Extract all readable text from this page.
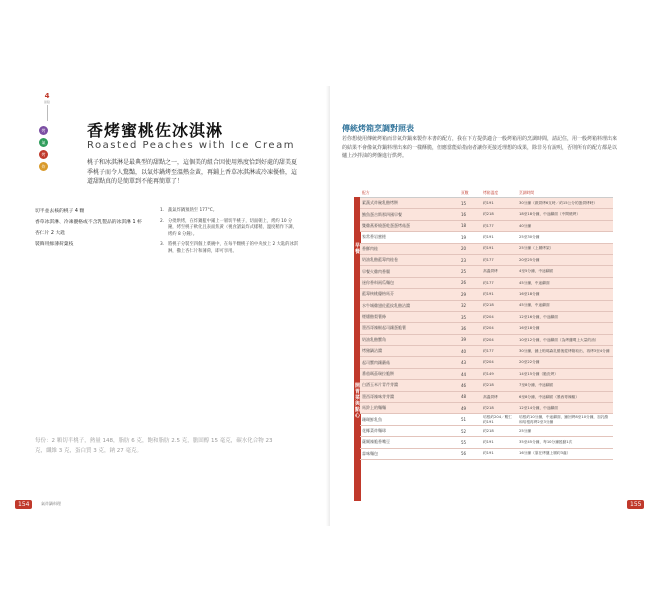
4
甜點
烤
氣
烤
炸
香烤蜜桃佐冰淇淋
Roasted Peaches with Ice Cream
桃子和冰淇淋是最典型的甜點之一，這個美的組合因使用熟度恰到好處的甜美夏季桃子而令人驚豔，以氣炸鍋烤至溫熱金黃，再鋪上香草冰淇淋或冷凍優格，這道甜點真的是簡單到不能再簡單了！
切半並去核的桃子 4 顆
香草冰淇淋、冷凍優格或不含乳製品的冰淇淋 1 杯
杏仁片 2 大匙
裝飾用綠薄荷葉枝
1. 蔬氣炸鍋預熱至 177°C。
2. 分批烘烤，在炸鍋籃中鋪上一層切半桃子，切面朝上，烤約 10 分鐘，烤至桃子軟化且表面焦黃（視食譜氣炸式樣稍，溫度稍作下調，烤約 8 分鐘）。
3. 將桃子分裝至四個上菜碗中，在每半顆桃子的中央放上 2 大匙的冰淇淋，撒上杏仁片和薄荷，即可享用。
每份：2 顆切半桃子，熱量 148，脂肪 6 克，飽和脂肪 2.5 克，膽固醇 15 毫克，碳水化合物 23 克，纖維 3 克，蛋白質 3 克，鈉 27 毫克。
154	氣炸鍋料理
傳統烤箱烹調對照表
若你想使用傳統烤箱而非氣炸鍋來製作本書的配方，我在下方提供適合一般烤箱用的烹調時間，請記住，用一般烤箱料理出來的結果不會像氣炸鍋料理出來的一樣酥脆，但應當能給指南者讓你更接近理想的成果，除非另有說明，否則所有的配方都是以爐上沙拌油的烤盤進行烘烤。
早餐
開胃菜與點心
配方	頁數	烤箱溫度	烹調時間
素蔬式炸碗乳酪烤餅	15	約191	30分鐘（做烘烤6支時／約15公分的蛋烘烤時）
鮪魚蛋吉斯那四國早餐	16	約218	18至18分鐘，中途翻面（中間燒烤）
雙雞燕麥燒蛋乾蛋蛋烤菇蛋	18	約177	40分鐘
家常香岩蜜捲	19	約191	25至30分鐘
香酥肉桂	20	約191	25分鐘（上層烤架）
奶油乳酪藍莓肉桂卷	23	約177	20至25分鐘
早餐火雞肉香腸	25	高溫烘烤	4至5分鐘，中途翻面
迷你香料兩瓜麵包	26	約177	45分鐘，中途翻面
藍莓核桃優格馬芬	29	約191	16至18分鐘
水牛城雞翅佐藍紋乳酪沾醬	32	約218	45分鐘，中途翻面
煙燻酪梨薯條	35	約204	12至16分鐘，中途翻面
墨西哥辣椒起司鑲蛋脆薯	36	約204	16至18分鐘
奶油乳酪蟹角	39	約204	10至12分鐘，中途翻面（為烤盤噴上大量的油）
烤豬鍋沾醬	40	約177	30分鐘，鋪上帕瑪森乳酪後從烤箱取出，再烤3至4分鐘
起司蟹肉鑲蘑菇	43	約204	20至22分鐘
番茄瑪茲瑞拉脆餅	44	約149	14至15分鐘（脆皮烤）
白酒玉米片青芹芽醬	46	約218	7至8分鐘，中途翻面
墨西哥辣味芽芽醬	48	高溫烘烤	6至8分鐘，中途翻面（墨西哥辣椒）
馬鈴上的麵麵	49	約218	12至14分鐘，中途翻面
珊瑚鮮乳魚	51	培根約204／蝦仁約191	培根約10分鐘，中途翻面，鋪回烤8至10分鐘，加乳酪和培根再烤2至3分鐘
花椰菜炸麵球	52	約218	25分鐘
薩爾辣脆香嘴豆	55	約191	35至45分鐘，每10分鐘搖動1次
蒜味麵包	56	約191	16分鐘（靠在烤盤上層約3處）
155
